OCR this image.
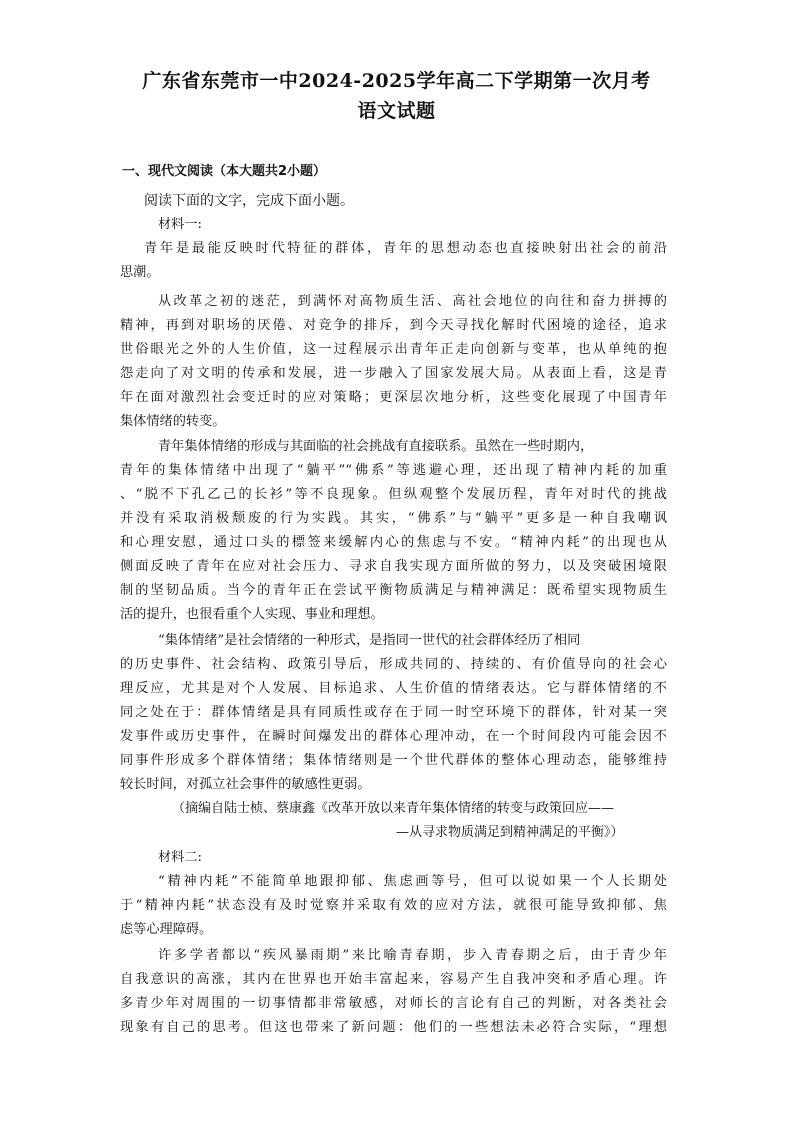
广东省东莞市一中2024-2025学年高二下学期第一次月考
语文试题
一、现代文阅读（本大题共2小题）
阅读下面的文字，完成下面小题。
材料一:
青年是最能反映时代特征的群体，青年的思想动态也直接映射出社会的前沿
思潮。
从改革之初的迷茫，到满怀对高物质生活、高社会地位的向往和奋力拼搏的
精神，再到对职场的厌倦、对竞争的排斥，到今天寻找化解时代困境的途径，追求
世俗眼光之外的人生价值，这一过程展示出青年正走向创新与变革，也从单纯的抱
怨走向了对文明的传承和发展，进一步融入了国家发展大局。从表面上看，这是青
年在面对激烈社会变迁时的应对策略；更深层次地分析，这些变化展现了中国青年
集体情绪的转变。
青年集体情绪的形成与其面临的社会挑战有直接联系。虽然在一些时期内，
青年的集体情绪中出现了“躺平”“佛系”等逃避心理，还出现了精神内耗的加重
、“脱不下孔乙己的长衫”等不良现象。但纵观整个发展历程，青年对时代的挑战
并没有采取消极颓废的行为实践。其实，“佛系”与“躺平”更多是一种自我嘲讽
和心理安慰，通过口头的標签来缓解内心的焦虑与不安。“精神内耗”的出现也从
侧面反映了青年在应对社会压力、寻求自我实现方面所做的努力，以及突破困境限
制的坚韧品质。当今的青年正在尝试平衡物质满足与精神满足：既希望实现物质生
活的提升，也很看重个人实现、事业和理想。
“集体情绪”是社会情绪的一种形式，是指同一世代的社会群体经历了相同
的历史事件、社会结构、政策引导后，形成共同的、持续的、有价值导向的社会心
理反应，尤其是对个人发展、目标追求、人生价值的情绪表达。它与群体情绪的不
同之处在于：群体情绪是具有同质性或存在于同一时空环境下的群体，针对某一突
发事件或历史事件，在瞬时间爆发出的群体心理冲动，在一个时间段内可能会因不
同事件形成多个群体情绪；集体情绪则是一个世代群体的整体心理动态，能够维持
较长时间，对孤立社会事件的敏感性更弱。
（摘编自陆士桢、蔡康鑫《改革开放以来青年集体情绪的转变与政策回应——
—从寻求物质满足到精神满足的平衡》）
材料二:
“精神内耗”不能简单地跟抑郁、焦虑画等号，但可以说如果一个人长期处
于“精神内耗”状态没有及时觉察并采取有效的应对方法，就很可能导致抑郁、焦
虑等心理障碍。
许多学者都以“疾风暴雨期”来比喻青春期，步入青春期之后，由于青少年
自我意识的高涨，其内在世界也开始丰富起来，容易产生自我冲突和矛盾心理。许
多青少年对周围的一切事情都非常敏感，对师长的言论有自己的判断，对各类社会
现象有自己的思考。但这也带来了新问题：他们的一些想法未必符合实际，“理想
